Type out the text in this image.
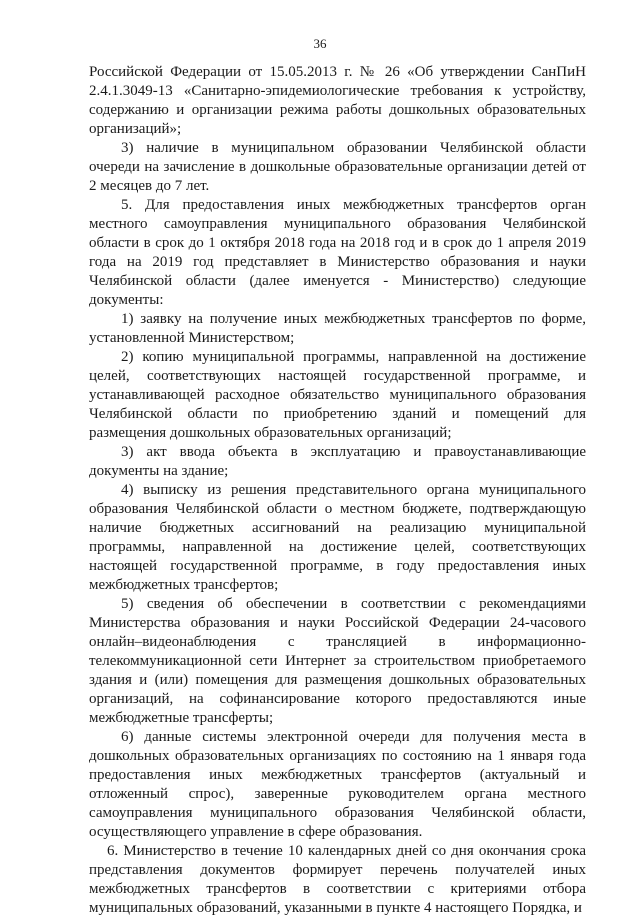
36

Российской Федерации от 15.05.2013 г. № 26 «Об утверждении СанПиН 2.4.1.3049-13 «Санитарно-эпидемиологические требования к устройству, содержанию и организации режима работы дошкольных образовательных организаций»;

3) наличие в муниципальном образовании Челябинской области очереди на зачисление в дошкольные образовательные организации детей от 2 месяцев до 7 лет.

5. Для предоставления иных межбюджетных трансфертов орган местного самоуправления муниципального образования Челябинской области в срок до 1 октября 2018 года на 2018 год и в срок до 1 апреля 2019 года на 2019 год представляет в Министерство образования и науки Челябинской области (далее именуется - Министерство) следующие документы:

1) заявку на получение иных межбюджетных трансфертов по форме, установленной Министерством;

2) копию муниципальной программы, направленной на достижение целей, соответствующих настоящей государственной программе, и устанавливающей расходное обязательство муниципального образования Челябинской области по приобретению зданий и помещений для размещения дошкольных образовательных организаций;

3) акт ввода объекта в эксплуатацию и правоустанавливающие документы на здание;

4) выписку из решения представительного органа муниципального образования Челябинской области о местном бюджете, подтверждающую наличие бюджетных ассигнований на реализацию муниципальной программы, направленной на достижение целей, соответствующих настоящей государственной программе, в году предоставления иных межбюджетных трансфертов;

5) сведения об обеспечении в соответствии с рекомендациями Министерства образования и науки Российской Федерации 24-часового онлайн–видеонаблюдения с трансляцией в информационно-телекоммуникационной сети Интернет за строительством приобретаемого здания и (или) помещения для размещения дошкольных образовательных организаций, на софинансирование которого предоставляются иные межбюджетные трансферты;

6) данные системы электронной очереди для получения места в дошкольных образовательных организациях по состоянию на 1 января года предоставления иных межбюджетных трансфертов (актуальный и отложенный спрос), заверенные руководителем органа местного самоуправления муниципального образования Челябинской области, осуществляющего управление в сфере образования.

6. Министерство в течение 10 календарных дней со дня окончания срока представления документов формирует перечень получателей иных межбюджетных трансфертов в соответствии с критериями отбора муниципальных образований, указанными в пункте 4 настоящего Порядка, и
